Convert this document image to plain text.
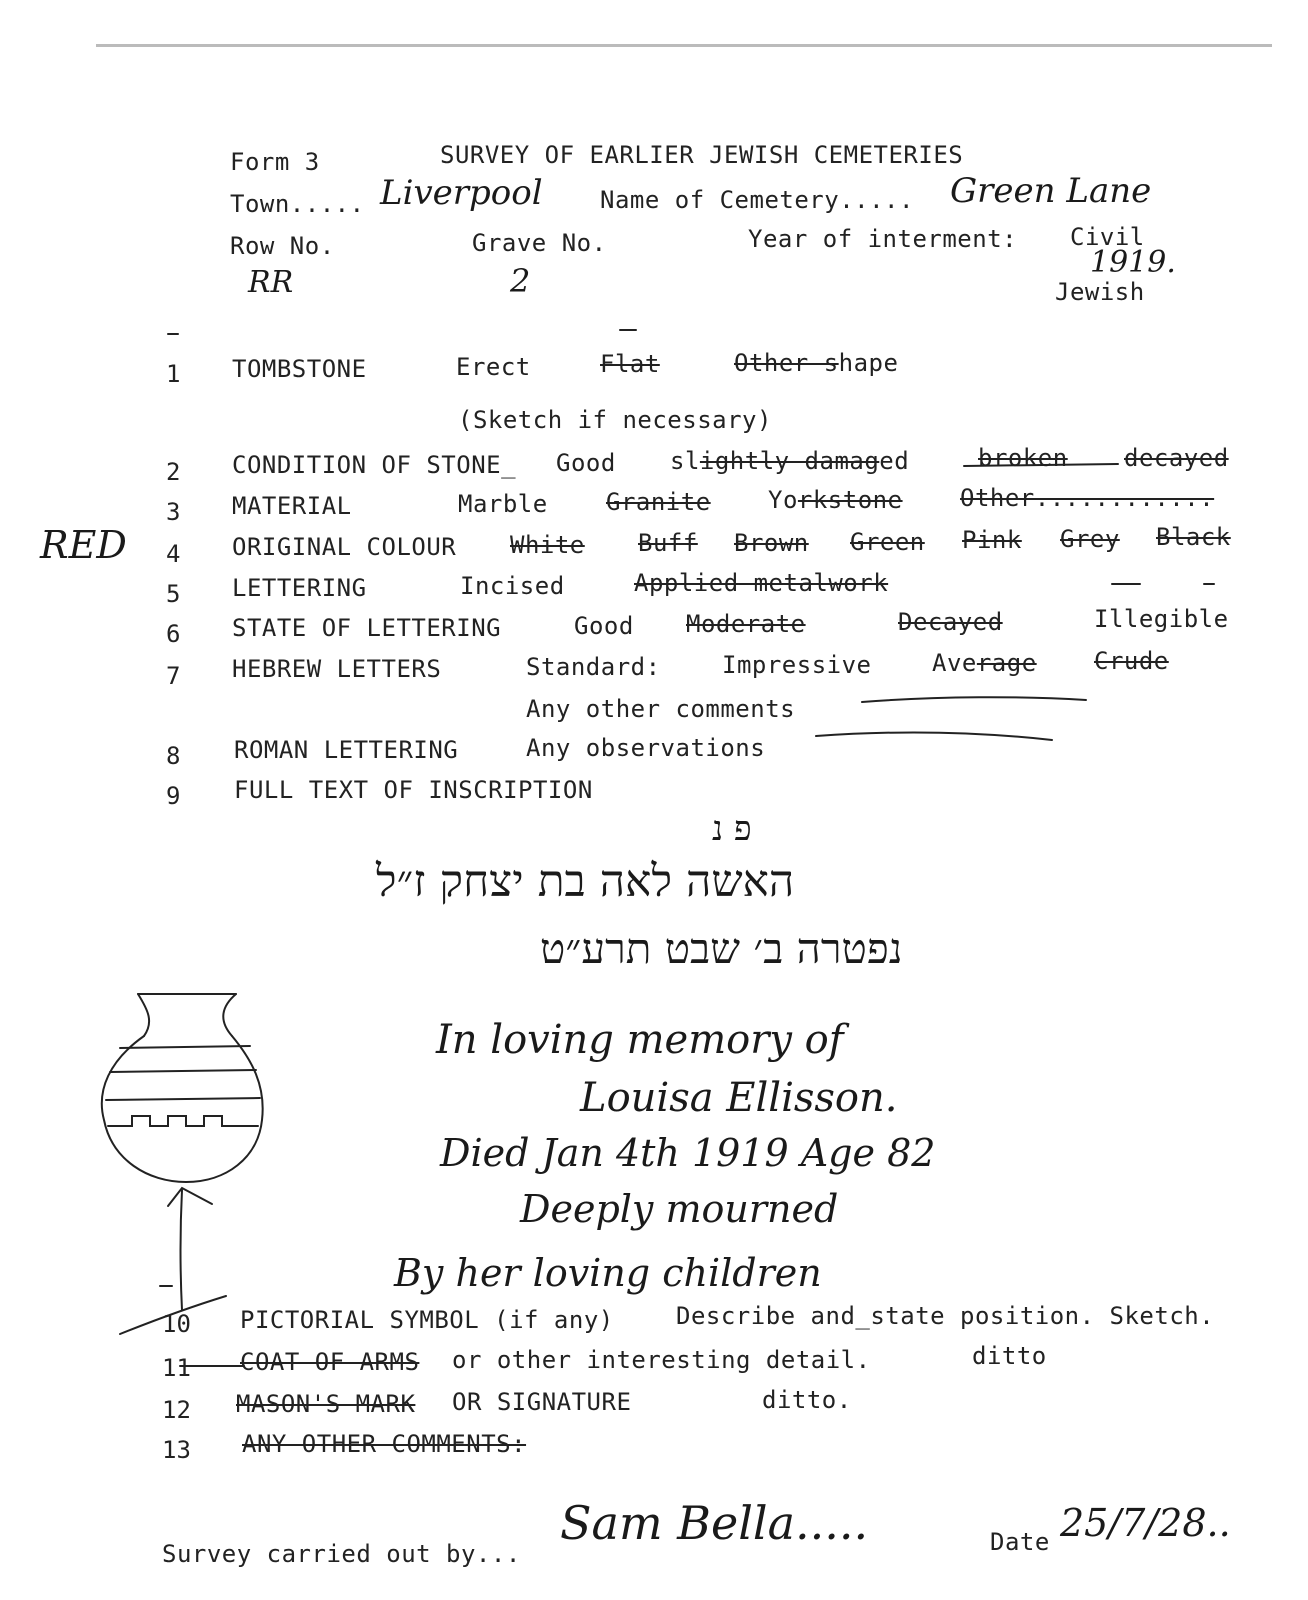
Form 3	SURVEY OF EARLIER JEWISH CEMETERIES
Town..... Liverpool Name of Cemetery..... Green Lane
Row No.	Grave No.	Year of interment: Civil
RR	2	1919.
Jewish
1 TOMBSTONE	Erect	Flat	Other shape
(Sketch if necessary)
2 CONDITION OF STONE_ Good slightly damaged	broken decayed
3 MATERIAL	Marble Granite Yorkstone Other............
RED 4 ORIGINAL COLOUR White Buff Brown Green Pink Grey Black
5 LETTERING	Incised	Applied metalwork
6 STATE OF LETTERING	Good Moderate	Decayed	Illegible
7 HEBREW LETTERS	Standard:	Impressive	Average Crude
Any other comments
8 ROMAN LETTERING	Any observations
9 FULL TEXT OF INSCRIPTION
פ נ
האשה לאה בת יצחק ז״ל
נפטרה ב׳ שבט תרע״ט
In loving memory of
Louisa Ellisson.
Died Jan 4th 1919 Age 82
Deeply mourned
By her loving children
10 PICTORIAL SYMBOL (if any)	Describe and_state position. Sketch.
11 COAT OF ARMS or other interesting detail.	ditto
12 MASON'S MARK OR SIGNATURE	ditto.
13 ANY OTHER COMMENTS:
Survey carried out by...
Sam Bella.....	Date 25/7/28..
